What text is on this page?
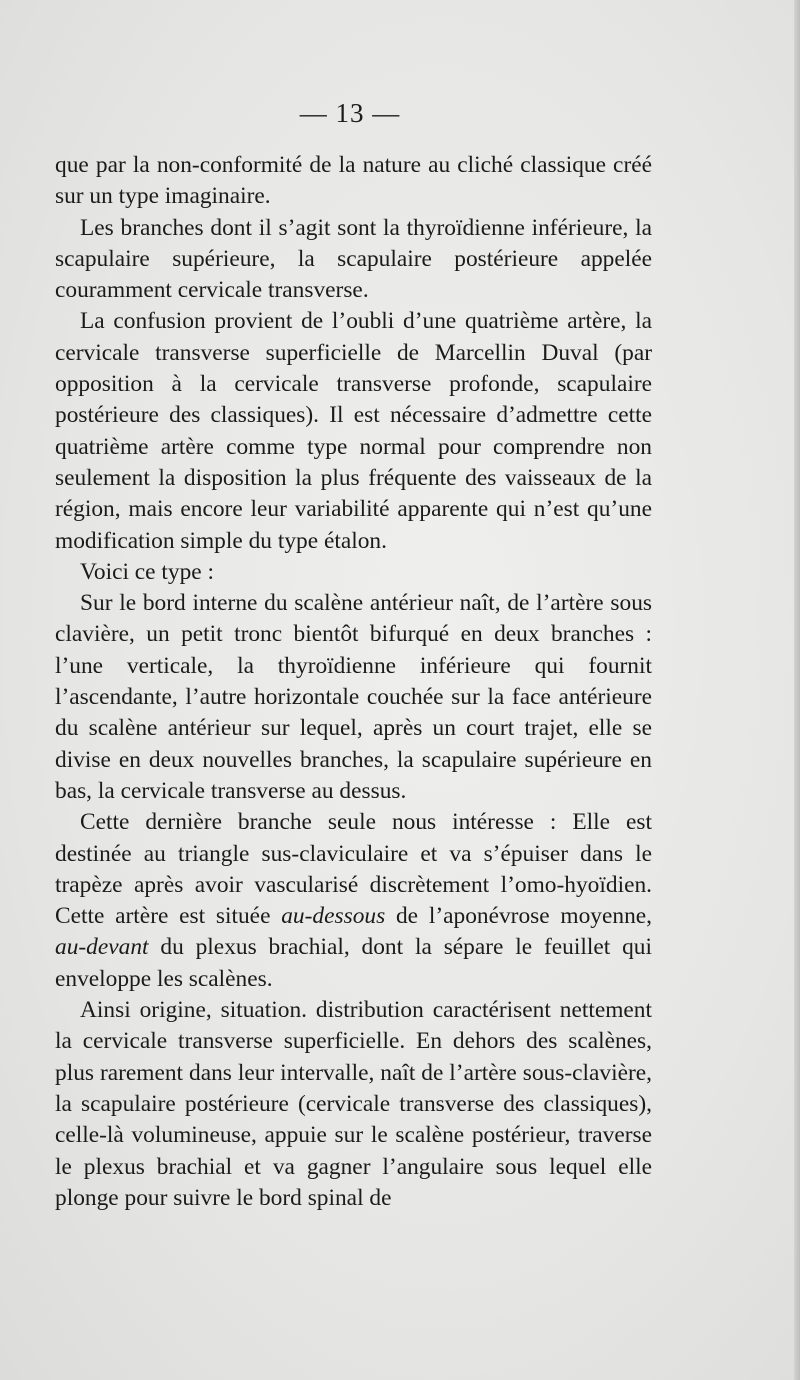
— 13 —

que par la non-conformité de la nature au cliché classique créé sur un type imaginaire.

Les branches dont il s’agit sont la thyroïdienne inférieure, la scapulaire supérieure, la scapulaire postérieure appelée couramment cervicale transverse.

La confusion provient de l’oubli d’une quatrième artère, la cervicale transverse superficielle de Marcellin Duval (par opposition à la cervicale transverse profonde, scapulaire postérieure des classiques). Il est nécessaire d’admettre cette quatrième artère comme type normal pour comprendre non seulement la disposition la plus fréquente des vaisseaux de la région, mais encore leur variabilité apparente qui n’est qu’une modification simple du type étalon.

Voici ce type :

Sur le bord interne du scalène antérieur naît, de l’artère sous clavière, un petit tronc bientôt bifurqué en deux branches : l’une verticale, la thyroïdienne inférieure qui fournit l’ascendante, l’autre horizontale couchée sur la face antérieure du scalène antérieur sur lequel, après un court trajet, elle se divise en deux nouvelles branches, la scapulaire supérieure en bas, la cervicale transverse au dessus.

Cette dernière branche seule nous intéresse : Elle est destinée au triangle sus-claviculaire et va s’épuiser dans le trapèze après avoir vascularisé discrètement l’omo-hyoïdien. Cette artère est située au-dessous de l’aponévrose moyenne, au-devant du plexus brachial, dont la sépare le feuillet qui enveloppe les scalènes.

Ainsi origine, situation. distribution caractérisent nettement la cervicale transverse superficielle. En dehors des scalènes, plus rarement dans leur intervalle, naît de l’artère sous-clavière, la scapulaire postérieure (cervicale transverse des classiques), celle-là volumineuse, appuie sur le scalène postérieur, traverse le plexus brachial et va gagner l’angulaire sous lequel elle plonge pour suivre le bord spinal de
